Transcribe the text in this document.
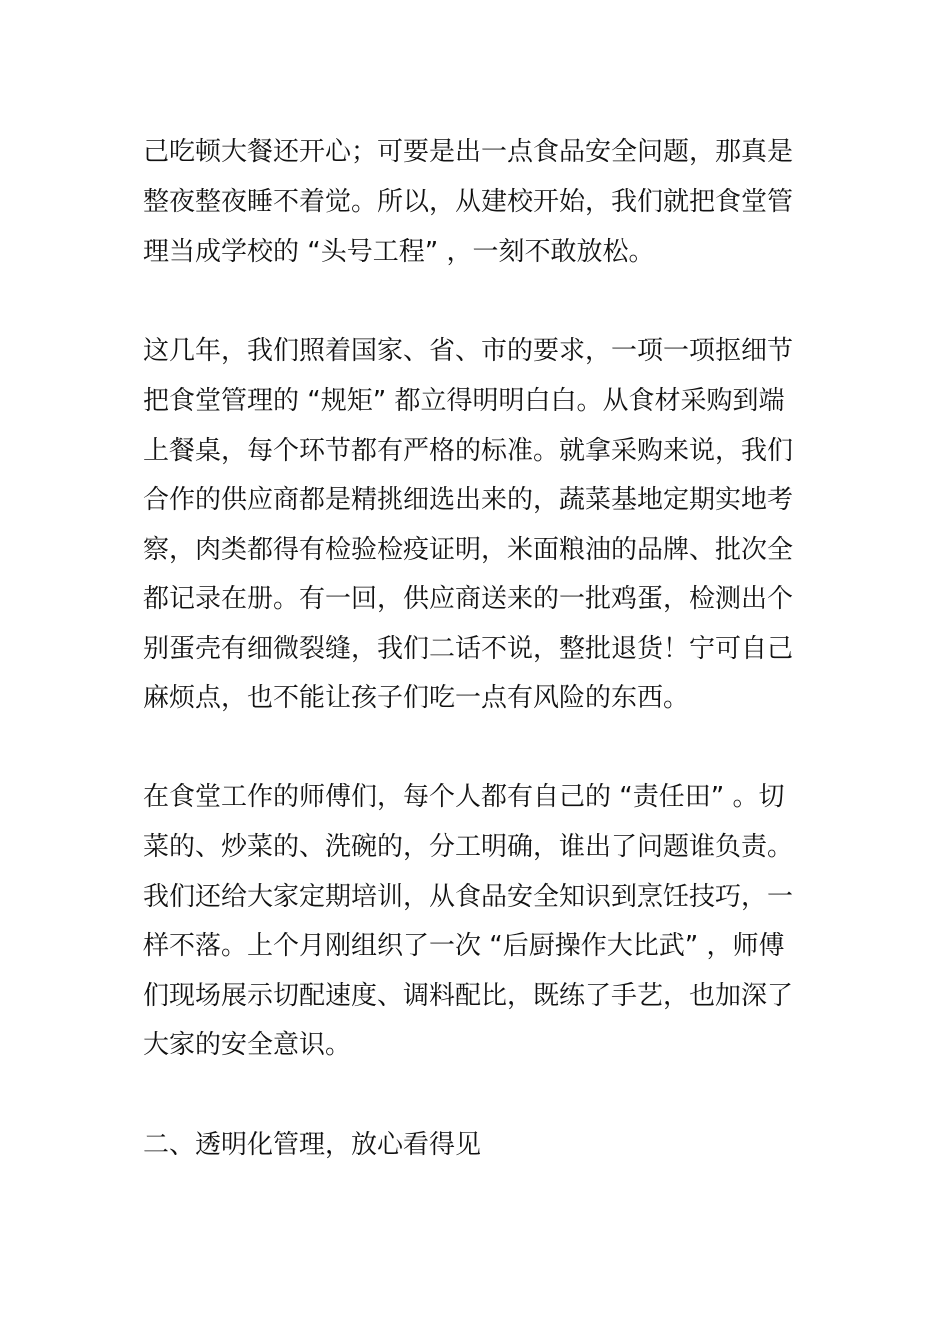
己吃顿大餐还开心；可要是出一点食品安全问题，那真是
整夜整夜睡不着觉。所以，从建校开始，我们就把食堂管
理当成学校的 “头号工程” ，一刻不敢放松。
这几年，我们照着国家、省、市的要求，一项一项抠细节
把食堂管理的 “规矩” 都立得明明白白。从食材采购到端
上餐桌，每个环节都有严格的标准。就拿采购来说，我们
合作的供应商都是精挑细选出来的，蔬菜基地定期实地考
察，肉类都得有检验检疫证明，米面粮油的品牌、批次全
都记录在册。有一回，供应商送来的一批鸡蛋，检测出个
别蛋壳有细微裂缝，我们二话不说，整批退货！宁可自己
麻烦点，也不能让孩子们吃一点有风险的东西。
在食堂工作的师傅们，每个人都有自己的 “责任田” 。切
菜的、炒菜的、洗碗的，分工明确，谁出了问题谁负责。
我们还给大家定期培训，从食品安全知识到烹饪技巧，一
样不落。上个月刚组织了一次 “后厨操作大比武” ，师傅
们现场展示切配速度、调料配比，既练了手艺，也加深了
大家的安全意识。
二、透明化管理，放心看得见
